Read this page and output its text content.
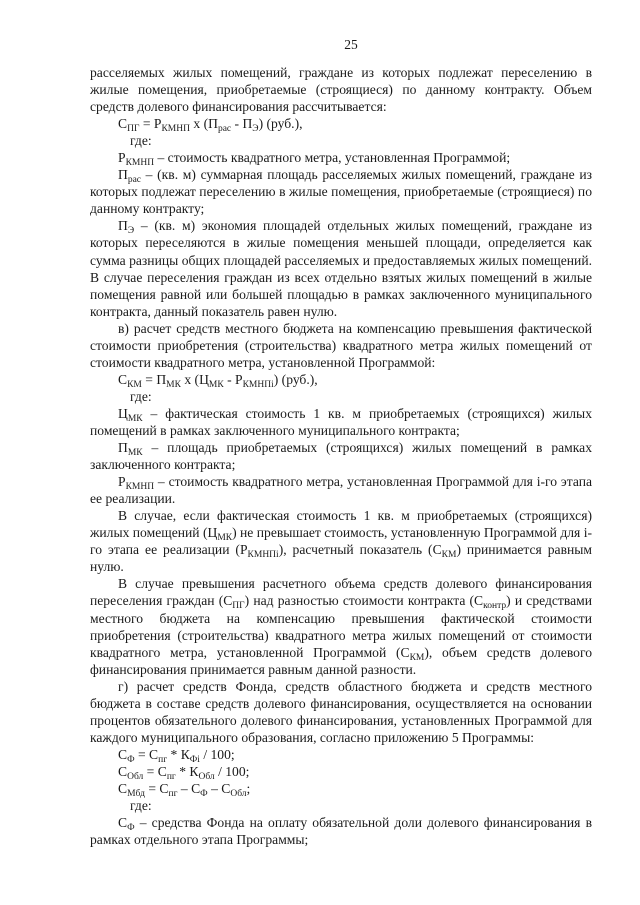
25

расселяемых жилых помещений, граждане из которых подлежат переселению в жилые помещения, приобретаемые (строящиеся) по данному контракту. Объем средств долевого финансирования рассчитывается:

$С_{ПГ} = Р_{КМНП}$ х $(П_{рас} - П_Э)$ (руб.),

где:

$Р_{КМНП}$ – стоимость квадратного метра, установленная Программой;

$П_{рас} - (кв$. м) суммарная площадь расселяемых жилых помещений, граждане из которых подлежат переселению в жилые помещения, приобретаемые (строящиеся) по данному контракту;

$П_Э - (кв$. м) экономия площадей отдельных жилых помещений, граждане из которых переселяются в жилые помещения меньшей площади, определяется как сумма разницы общих площадей расселяемых и предоставляемых жилых помещений. В случае переселения граждан из всех отдельно взятых жилых помещений в жилые помещения равной или большей площадью в рамках заключенного муниципального контракта, данный показатель равен нулю.

в) расчет средств местного бюджета на компенсацию превышения фактической стоимости приобретения (строительства) квадратного метра жилых помещений от стоимости квадратного метра, установленной Программой:

$С_{КМ} = П_{МК}$ х $(Ц_{МК} - Р_{КМНПi})$ (руб.),

где:

$Ц_{МК}$ – фактическая стоимость 1 кв. м приобретаемых (строящихся) жилых помещений в рамках заключенного муниципального контракта;

$П_{МК}$ – площадь приобретаемых (строящихся) жилых помещений в рамках заключенного контракта;

$Р_{КМНП}$ – стоимость квадратного метра, установленная Программой для i-го этапа ее реализации.

В случае, если фактическая стоимость 1 кв. м приобретаемых (строящихся) жилых помещений $(Ц_{МК})$ не превышает стоимость, установленную Программой для i-го этапа ее реализации $(Р_{КМНПi})$, расчетный показатель $(С_{КМ})$ принимается равным нулю.

В случае превышения расчетного объема средств долевого финансирования переселения граждан $(С_{ПГ})$ над разностью стоимости контракта $(С_{контр})$ и средствами местного бюджета на компенсацию превышения фактической стоимости приобретения (строительства) квадратного метра жилых помещений от стоимости квадратного метра, установленной Программой $(С_{КМ})$, объем средств долевого финансирования принимается равным данной разности.

г) расчет средств Фонда, средств областного бюджета и средств местного бюджета в составе средств долевого финансирования, осуществляется на основании процентов обязательного долевого финансирования, установленных Программой для каждого муниципального образования, согласно приложению 5 Программы:

$С_Ф = С_{пг} * К_{Фi} / 100$;

$С_{Обл} = С_{пг} * К_{Обл} / 100$;

$С_{Мбд} = С_{пг} - С_Ф - С_{Обл}$;

где:

$С_Ф$ – средства Фонда на оплату обязательной доли долевого финансирования в рамках отдельного этапа Программы;
